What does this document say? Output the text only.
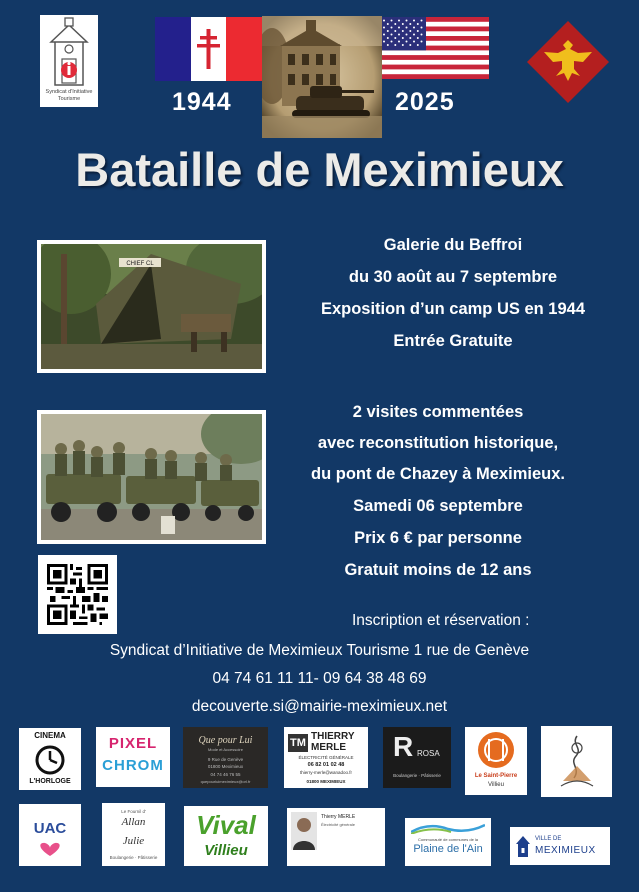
Syndicat d'Initiative Tourisme	1944	2025
Bataille de Meximieux
CHIEF CL
Galerie du Beffroi
du 30 août au 7 septembre
Exposition d’un camp US en 1944
Entrée Gratuite
2 visites commentées
avec reconstitution historique,
du pont de Chazey à Meximieux.
Samedi 06 septembre
Prix 6 € par personne
Gratuit moins de 12 ans
Inscription et réservation :
Syndicat d’Initiative de Meximieux Tourisme 1 rue de Genève
04 74 61 11 11- 09 64 38 48 69
decouverte.si@mairie-meximieux.net
CINEMA
L'HORLOGE
PIXEL
CHROM
Que pour Lui
Mode et Accessoire
9 Rue de Genève
01800 Meximieux
04 74 46 76 55
quepourluimeximieux@orl.fr
TM
THIERRY
MERLE
ÉLECTRICITÉ GÉNÉRALE
06 82 01 02 48
thierry-merle@wanadoo.fr
01800 MEXIMIEUX
R ROSA
Boulangerie · Pâtisserie	Le Saint-Pierre
Villieu
UAC
Le Fournil d'
Allan
Julie
Boulangerie · Pâtisserie
Vival
Villieu
Thierry MERLE
Électricité générale
Communauté de communes de la
Plaine de l'Ain
VILLE DE
MEXIMIEUX
